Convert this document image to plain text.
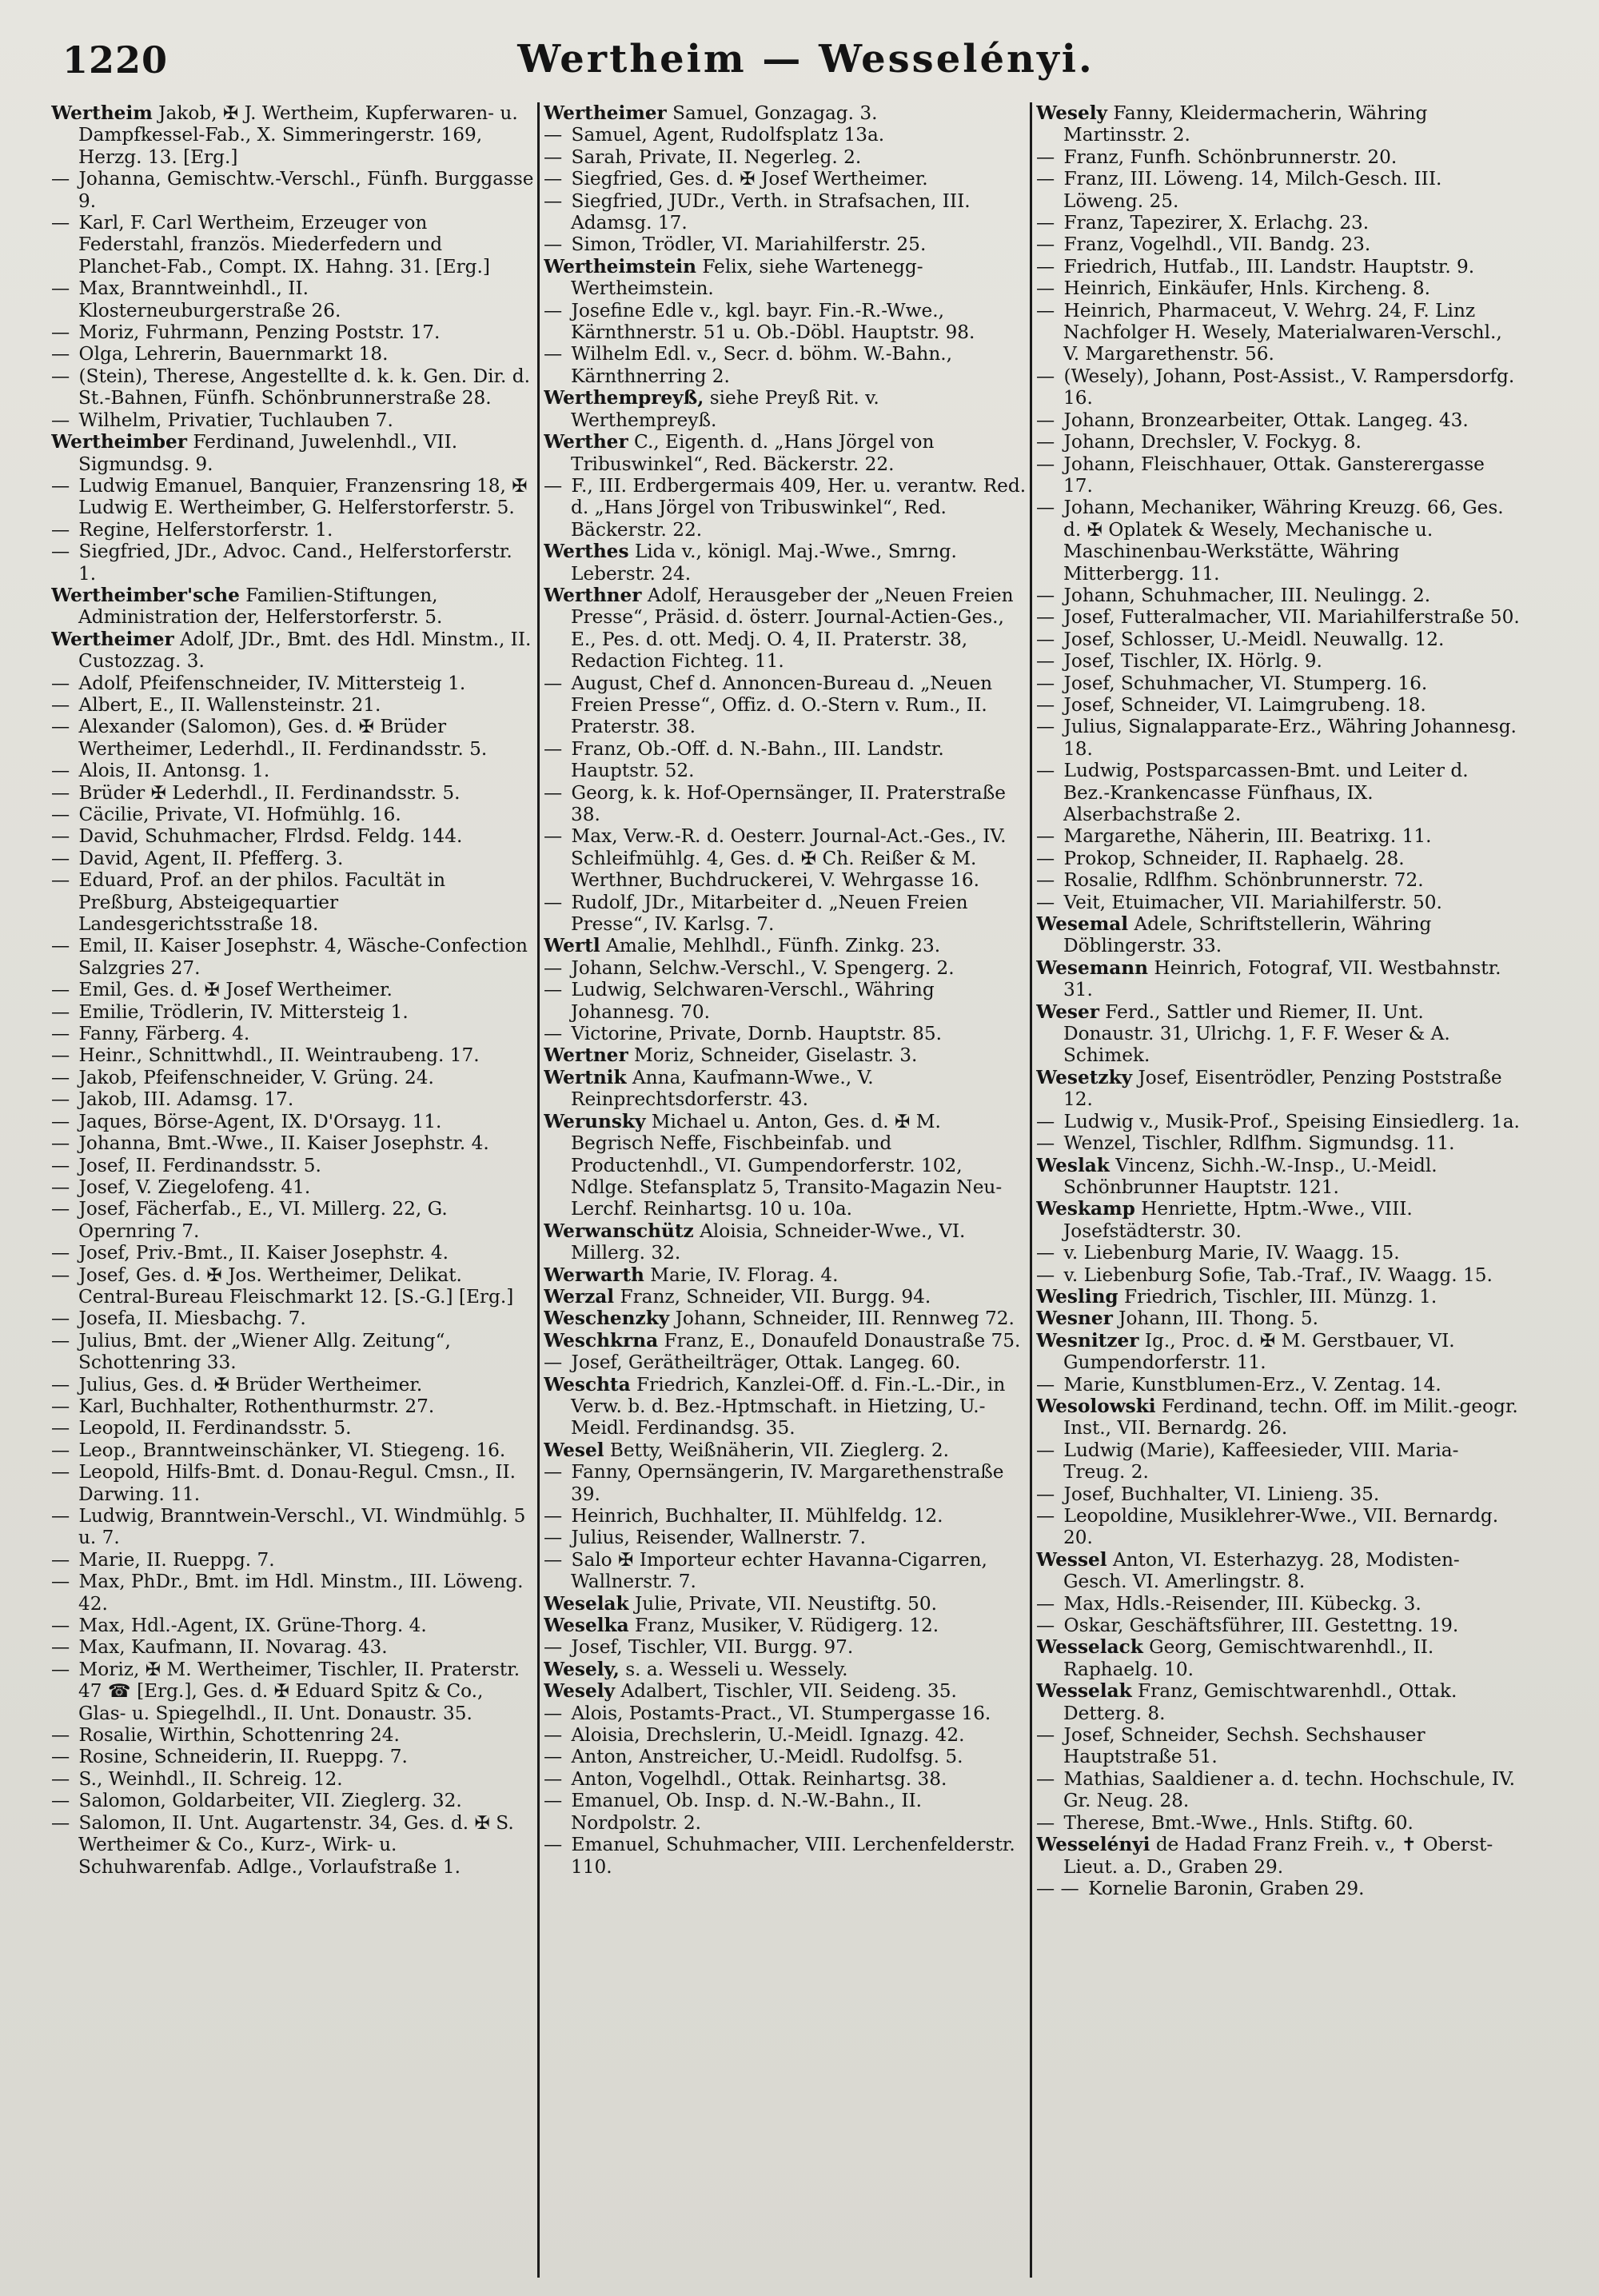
1220	Wertheim — Wesselényi.

Wertheim Jakob, ✠ J. Wertheim, Kupferwaren- u. Dampfkessel-Fab., X. Simmeringerstr. 169, Herzg. 13. [Erg.]

— Johanna, Gemischtw.-Verschl., Fünfh. Burggasse 9.

— Karl, F. Carl Wertheim, Erzeuger von Federstahl, französ. Miederfedern und Planchet-Fab., Compt. IX. Hahng. 31. [Erg.]

— Max, Branntweinhdl., II. Klosterneuburgerstraße 26.

— Moriz, Fuhrmann, Penzing Poststr. 17.

— Olga, Lehrerin, Bauernmarkt 18.

— (Stein), Therese, Angestellte d. k. k. Gen. Dir. d. St.-Bahnen, Fünfh. Schönbrunnerstraße 28.

— Wilhelm, Privatier, Tuchlauben 7.

Wertheimber Ferdinand, Juwelenhdl., VII. Sigmundsg. 9.

— Ludwig Emanuel, Banquier, Franzensring 18, ✠ Ludwig E. Wertheimber, G. Helferstorferstr. 5.

— Regine, Helferstorferstr. 1.

— Siegfried, JDr., Advoc. Cand., Helferstorferstr. 1.

Wertheimber'sche Familien-Stiftungen, Administration der, Helferstorferstr. 5.

Wertheimer Adolf, JDr., Bmt. des Hdl. Minstm., II. Custozzag. 3.

— Adolf, Pfeifenschneider, IV. Mittersteig 1.

— Albert, E., II. Wallensteinstr. 21.

— Alexander (Salomon), Ges. d. ✠ Brüder Wertheimer, Lederhdl., II. Ferdinandsstr. 5.

— Alois, II. Antonsg. 1.

— Brüder ✠ Lederhdl., II. Ferdinandsstr. 5.

— Cäcilie, Private, VI. Hofmühlg. 16.

— David, Schuhmacher, Flrdsd. Feldg. 144.

— David, Agent, II. Pfefferg. 3.

— Eduard, Prof. an der philos. Facultät in Preßburg, Absteigequartier Landesgerichtsstraße 18.

— Emil, II. Kaiser Josephstr. 4, Wäsche-Confection Salzgries 27.

— Emil, Ges. d. ✠ Josef Wertheimer.

— Emilie, Trödlerin, IV. Mittersteig 1.

— Fanny, Färberg. 4.

— Heinr., Schnittwhdl., II. Weintraubeng. 17.

— Jakob, Pfeifenschneider, V. Grüng. 24.

— Jakob, III. Adamsg. 17.

— Jaques, Börse-Agent, IX. D'Orsayg. 11.

— Johanna, Bmt.-Wwe., II. Kaiser Josephstr. 4.

— Josef, II. Ferdinandsstr. 5.

— Josef, V. Ziegelofeng. 41.

— Josef, Fächerfab., E., VI. Millerg. 22, G. Opernring 7.

— Josef, Priv.-Bmt., II. Kaiser Josephstr. 4.

— Josef, Ges. d. ✠ Jos. Wertheimer, Delikat. Central-Bureau Fleischmarkt 12. [S.-G.] [Erg.]

— Josefa, II. Miesbachg. 7.

— Julius, Bmt. der „Wiener Allg. Zeitung“, Schottenring 33.

— Julius, Ges. d. ✠ Brüder Wertheimer.

— Karl, Buchhalter, Rothenthurmstr. 27.

— Leopold, II. Ferdinandsstr. 5.

— Leop., Branntweinschänker, VI. Stiegeng. 16.

— Leopold, Hilfs-Bmt. d. Donau-Regul. Cmsn., II. Darwing. 11.

— Ludwig, Branntwein-Verschl., VI. Windmühlg. 5 u. 7.

— Marie, II. Rueppg. 7.

— Max, PhDr., Bmt. im Hdl. Minstm., III. Löweng. 42.

— Max, Hdl.-Agent, IX. Grüne-Thorg. 4.

— Max, Kaufmann, II. Novarag. 43.

— Moriz, ✠ M. Wertheimer, Tischler, II. Praterstr. 47 ☎ [Erg.], Ges. d. ✠ Eduard Spitz & Co., Glas- u. Spiegelhdl., II. Unt. Donaustr. 35.

— Rosalie, Wirthin, Schottenring 24.

— Rosine, Schneiderin, II. Rueppg. 7.

— S., Weinhdl., II. Schreig. 12.

— Salomon, Goldarbeiter, VII. Zieglerg. 32.

— Salomon, II. Unt. Augartenstr. 34, Ges. d. ✠ S. Wertheimer & Co., Kurz-, Wirk- u. Schuhwarenfab. Adlge., Vorlaufstraße 1.

Wertheimer Samuel, Gonzagag. 3.

— Samuel, Agent, Rudolfsplatz 13a.

— Sarah, Private, II. Negerleg. 2.

— Siegfried, Ges. d. ✠ Josef Wertheimer.

— Siegfried, JUDr., Verth. in Strafsachen, III. Adamsg. 17.

— Simon, Trödler, VI. Mariahilferstr. 25.

Wertheimstein Felix, siehe Wartenegg-Wertheimstein.

— Josefine Edle v., kgl. bayr. Fin.-R.-Wwe., Kärnthnerstr. 51 u. Ob.-Döbl. Hauptstr. 98.

— Wilhelm Edl. v., Secr. d. böhm. W.-Bahn., Kärnthnerring 2.

Werthempreyß, siehe Preyß Rit. v. Werthempreyß.

Werther C., Eigenth. d. „Hans Jörgel von Tribuswinkel“, Red. Bäckerstr. 22.

— F., III. Erdbergermais 409, Her. u. verantw. Red. d. „Hans Jörgel von Tribuswinkel“, Red. Bäckerstr. 22.

Werthes Lida v., königl. Maj.-Wwe., Smrng. Leberstr. 24.

Werthner Adolf, Herausgeber der „Neuen Freien Presse“, Präsid. d. österr. Journal-Actien-Ges., E., Pes. d. ott. Medj. O. 4, II. Praterstr. 38, Redaction Fichteg. 11.

— August, Chef d. Annoncen-Bureau d. „Neuen Freien Presse“, Offiz. d. O.-Stern v. Rum., II. Praterstr. 38.

— Franz, Ob.-Off. d. N.-Bahn., III. Landstr. Hauptstr. 52.

— Georg, k. k. Hof-Opernsänger, II. Praterstraße 38.

— Max, Verw.-R. d. Oesterr. Journal-Act.-Ges., IV. Schleifmühlg. 4, Ges. d. ✠ Ch. Reißer & M. Werthner, Buchdruckerei, V. Wehrgasse 16.

— Rudolf, JDr., Mitarbeiter d. „Neuen Freien Presse“, IV. Karlsg. 7.

Wertl Amalie, Mehlhdl., Fünfh. Zinkg. 23.

— Johann, Selchw.-Verschl., V. Spengerg. 2.

— Ludwig, Selchwaren-Verschl., Währing Johannesg. 70.

— Victorine, Private, Dornb. Hauptstr. 85.

Wertner Moriz, Schneider, Giselastr. 3.

Wertnik Anna, Kaufmann-Wwe., V. Reinprechtsdorferstr. 43.

Werunsky Michael u. Anton, Ges. d. ✠ M. Begrisch Neffe, Fischbeinfab. und Productenhdl., VI. Gumpendorferstr. 102, Ndlge. Stefansplatz 5, Transito-Magazin Neu-Lerchf. Reinhartsg. 10 u. 10a.

Werwanschütz Aloisia, Schneider-Wwe., VI. Millerg. 32.

Werwarth Marie, IV. Florag. 4.

Werzal Franz, Schneider, VII. Burgg. 94.

Weschenzky Johann, Schneider, III. Rennweg 72.

Weschkrna Franz, E., Donaufeld Donaustraße 75.

— Josef, Gerätheilträger, Ottak. Langeg. 60.

Weschta Friedrich, Kanzlei-Off. d. Fin.-L.-Dir., in Verw. b. d. Bez.-Hptmschaft. in Hietzing, U.-Meidl. Ferdinandsg. 35.

Wesel Betty, Weißnäherin, VII. Zieglerg. 2.

— Fanny, Opernsängerin, IV. Margarethenstraße 39.

— Heinrich, Buchhalter, II. Mühlfeldg. 12.

— Julius, Reisender, Wallnerstr. 7.

— Salo ✠ Importeur echter Havanna-Cigarren, Wallnerstr. 7.

Weselak Julie, Private, VII. Neustiftg. 50.

Weselka Franz, Musiker, V. Rüdigerg. 12.

— Josef, Tischler, VII. Burgg. 97.

Wesely, s. a. Wesseli u. Wessely.

Wesely Adalbert, Tischler, VII. Seideng. 35.

— Alois, Postamts-Pract., VI. Stumpergasse 16.

— Aloisia, Drechslerin, U.-Meidl. Ignazg. 42.

— Anton, Anstreicher, U.-Meidl. Rudolfsg. 5.

— Anton, Vogelhdl., Ottak. Reinhartsg. 38.

— Emanuel, Ob. Insp. d. N.-W.-Bahn., II. Nordpolstr. 2.

— Emanuel, Schuhmacher, VIII. Lerchenfelderstr. 110.

Wesely Fanny, Kleidermacherin, Währing Martinsstr. 2.

— Franz, Funfh. Schönbrunnerstr. 20.

— Franz, III. Löweng. 14, Milch-Gesch. III. Löweng. 25.

— Franz, Tapezirer, X. Erlachg. 23.

— Franz, Vogelhdl., VII. Bandg. 23.

— Friedrich, Hutfab., III. Landstr. Hauptstr. 9.

— Heinrich, Einkäufer, Hnls. Kircheng. 8.

— Heinrich, Pharmaceut, V. Wehrg. 24, F. Linz Nachfolger H. Wesely, Materialwaren-Verschl., V. Margarethenstr. 56.

— (Wesely), Johann, Post-Assist., V. Rampersdorfg. 16.

— Johann, Bronzearbeiter, Ottak. Langeg. 43.

— Johann, Drechsler, V. Fockyg. 8.

— Johann, Fleischhauer, Ottak. Gansterergasse 17.

— Johann, Mechaniker, Währing Kreuzg. 66, Ges. d. ✠ Oplatek & Wesely, Mechanische u. Maschinenbau-Werkstätte, Währing Mitterbergg. 11.

— Johann, Schuhmacher, III. Neulingg. 2.

— Josef, Futteralmacher, VII. Mariahilferstraße 50.

— Josef, Schlosser, U.-Meidl. Neuwallg. 12.

— Josef, Tischler, IX. Hörlg. 9.

— Josef, Schuhmacher, VI. Stumperg. 16.

— Josef, Schneider, VI. Laimgrubeng. 18.

— Julius, Signalapparate-Erz., Währing Johannesg. 18.

— Ludwig, Postsparcassen-Bmt. und Leiter d. Bez.-Krankencasse Fünfhaus, IX. Alserbachstraße 2.

— Margarethe, Näherin, III. Beatrixg. 11.

— Prokop, Schneider, II. Raphaelg. 28.

— Rosalie, Rdlfhm. Schönbrunnerstr. 72.

— Veit, Etuimacher, VII. Mariahilferstr. 50.

Wesemal Adele, Schriftstellerin, Währing Döblingerstr. 33.

Wesemann Heinrich, Fotograf, VII. Westbahnstr. 31.

Weser Ferd., Sattler und Riemer, II. Unt. Donaustr. 31, Ulrichg. 1, F. F. Weser & A. Schimek.

Wesetzky Josef, Eisentrödler, Penzing Poststraße 12.

— Ludwig v., Musik-Prof., Speising Einsiedlerg. 1a.

— Wenzel, Tischler, Rdlfhm. Sigmundsg. 11.

Weslak Vincenz, Sichh.-W.-Insp., U.-Meidl. Schönbrunner Hauptstr. 121.

Weskamp Henriette, Hptm.-Wwe., VIII. Josefstädterstr. 30.

— v. Liebenburg Marie, IV. Waagg. 15.

— v. Liebenburg Sofie, Tab.-Traf., IV. Waagg. 15.

Wesling Friedrich, Tischler, III. Münzg. 1.

Wesner Johann, III. Thong. 5.

Wesnitzer Ig., Proc. d. ✠ M. Gerstbauer, VI. Gumpendorferstr. 11.

— Marie, Kunstblumen-Erz., V. Zentag. 14.

Wesolowski Ferdinand, techn. Off. im Milit.-geogr. Inst., VII. Bernardg. 26.

— Ludwig (Marie), Kaffeesieder, VIII. Maria-Treug. 2.

— Josef, Buchhalter, VI. Linieng. 35.

— Leopoldine, Musiklehrer-Wwe., VII. Bernardg. 20.

Wessel Anton, VI. Esterhazyg. 28, Modisten-Gesch. VI. Amerlingstr. 8.

— Max, Hdls.-Reisender, III. Kübeckg. 3.

— Oskar, Geschäftsführer, III. Gestettng. 19.

Wesselack Georg, Gemischtwarenhdl., II. Raphaelg. 10.

Wesselak Franz, Gemischtwarenhdl., Ottak. Detterg. 8.

— Josef, Schneider, Sechsh. Sechshauser Hauptstraße 51.

— Mathias, Saaldiener a. d. techn. Hochschule, IV. Gr. Neug. 28.

— Therese, Bmt.-Wwe., Hnls. Stiftg. 60.

Wesselényi de Hadad Franz Freih. v., ✝ Oberst-Lieut. a. D., Graben 29.

— — Kornelie Baronin, Graben 29.
